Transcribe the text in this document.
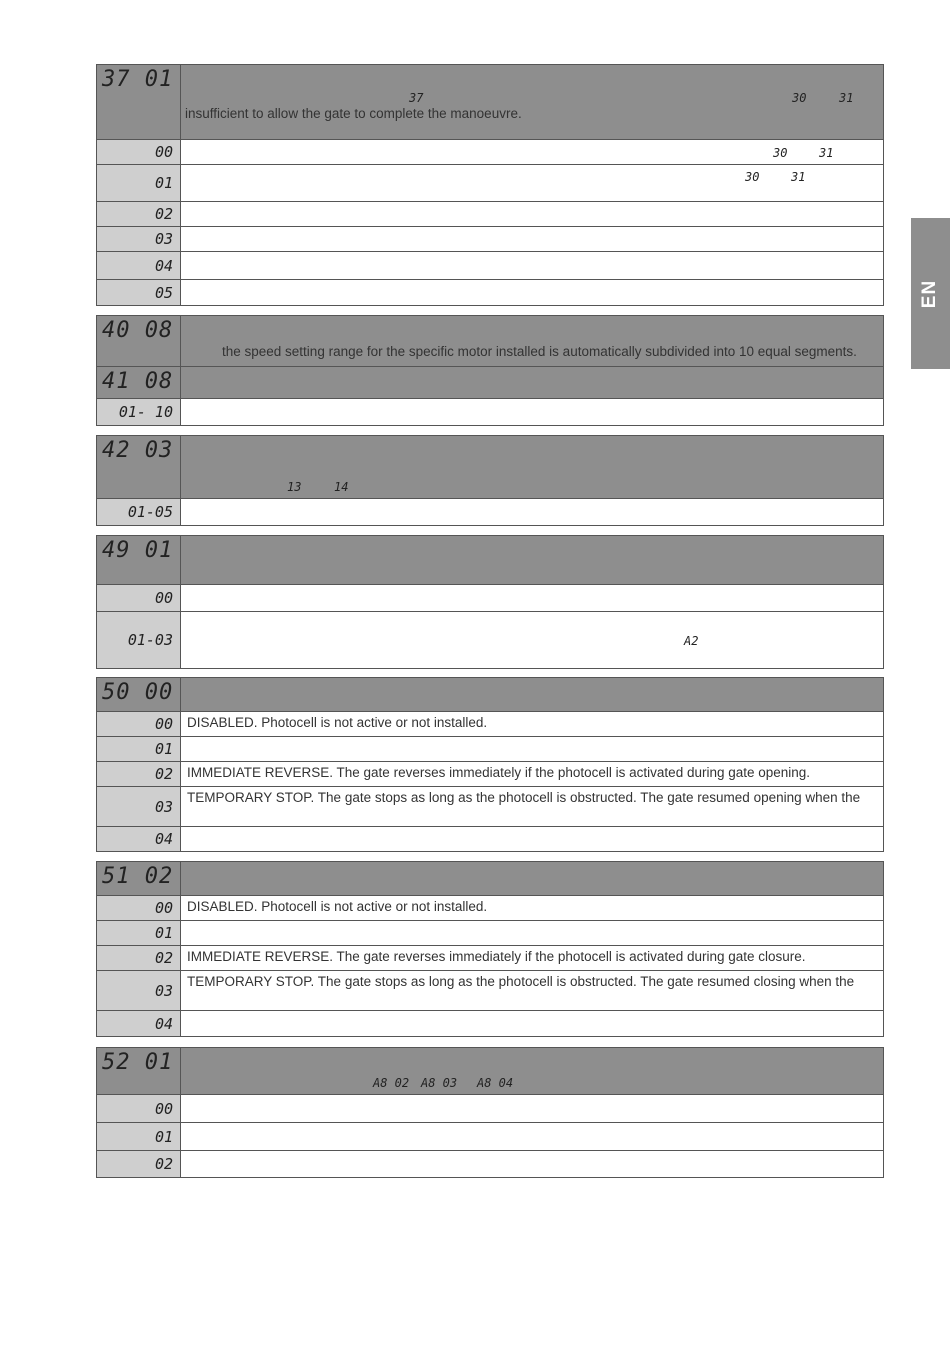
EN
37 01
37	30	31
insufficient to allow the gate to complete the manoeuvre.
00	30	31
01	30	31
02
03
04
05
40 08
the speed setting range for the specific motor installed is automatically subdivided into 10 equal segments.
41 08
01- 10
42 03
13	14
01-05
49 01
00
01-03	A2
50 00
00	DISABLED. Photocell is not active or not installed.
01
02	IMMEDIATE REVERSE. The gate reverses immediately if the photocell is activated during gate opening.
03	TEMPORARY STOP. The gate stops as long as the photocell is obstructed. The gate resumed opening when the
04
51 02
00	DISABLED. Photocell is not active or not installed.
01
02	IMMEDIATE REVERSE. The gate reverses immediately if the photocell is activated during gate closure.
03	TEMPORARY STOP. The gate stops as long as the photocell is obstructed. The gate resumed closing when the
04
52 01
A8 02 A8 03 A8 04
00
01
02
